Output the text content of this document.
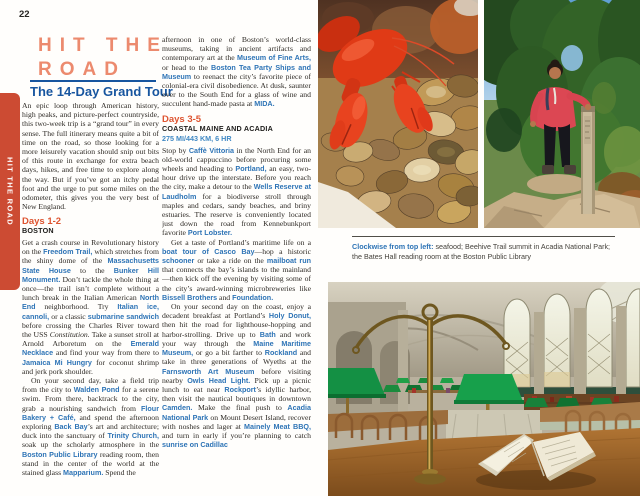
22
HIT THE ROAD
HIT THE
ROAD
The 14-Day Grand Tour

An epic loop through American history, high peaks, and picture-perfect countryside, this two-week trip is a “grand tour” in every sense. The full itinerary means quite a bit of time on the road, so those looking for a more leisurely vacation should snip out bits of this route in exchange for extra beach days, hikes, and free time to explore along the way. But if you’ve got an itchy pedal foot and the urge to put some miles on the odometer, this gives you the very best of New England.

Days 1-2
BOSTON

Get a crash course in Revolutionary history on the Freedom Trail, which stretches from the shiny dome of the Massachusetts State House to the Bunker Hill Monument. Don’t tackle the whole thing at once—the trail isn’t complete without a lunch break in the Italian American North End neighborhood. Try Italian ice, cannoli, or a classic submarine sandwich before crossing the Charles River toward the USS Constitution. Take a sunset stroll at Arnold Arboretum on the Emerald Necklace and find your way from there to Jamaica Mi Hungry for coconut shrimp and jerk pork shoulder.

On your second day, take a field trip from the city to Walden Pond for a serene swim. From there, backtrack to the city, grab a nourishing sandwich from Flour Bakery + Café, and spend the afternoon exploring Back Bay’s art and architecture; duck into the sanctuary of Trinity Church, soak up the scholarly atmosphere in the Boston Public Library reading room, then stand in the center of the world at the stained glass Mapparium. Spend the

afternoon in one of Boston’s world-class museums, taking in ancient artifacts and contemporary art at the Museum of Fine Arts, or head to the Boston Tea Party Ships and Museum to reenact the city’s favorite piece of colonial-era civil disobedience. At dusk, saunter over to the South End for a glass of wine and succulent hand-made pasta at MIDA.

Days 3-5
COASTAL MAINE AND ACADIA
275 MI/443 KM, 6 HR

Stop by Caffè Vittoria in the North End for an old-world cappuccino before procuring some wheels and heading to Portland, an easy, two-hour drive up the interstate. Before you reach the city, make a detour to the Wells Reserve at Laudholm for a biodiverse stroll through maples and cedars, sandy beaches, and briny estuaries. The reserve is conveniently located just down the road from Kennebunkport favorite Port Lobster.

Get a taste of Portland’s maritime life on a boat tour of Casco Bay—hop a historic schooner or take a ride on the mailboat run that connects the bay’s islands to the mainland—then kick off the evening by visiting some of the city’s award-winning microbreweries like Bissell Brothers and Foundation.

On your second day on the coast, enjoy a decadent breakfast at Portland’s Holy Donut, then hit the road for lighthouse-hopping and harbor-strolling. Drive up to Bath and work your way through the Maine Maritime Museum, or go a bit farther to Rockland and take in three generations of Wyeths at the Farnsworth Art Museum before visiting nearby Owls Head Light. Pick up a picnic lunch to eat near Rockport’s idyllic harbor, then visit the nautical boutiques in downtown Camden. Make the final push to Acadia National Park on Mount Desert Island, recover with noshes and lager at Mainely Meat BBQ, and turn in early if you’re planning to catch sunrise on Cadillac

Clockwise from top left: seafood; Beehive Trail summit in Acadia National Park; the Bates Hall reading room at the Boston Public Library
